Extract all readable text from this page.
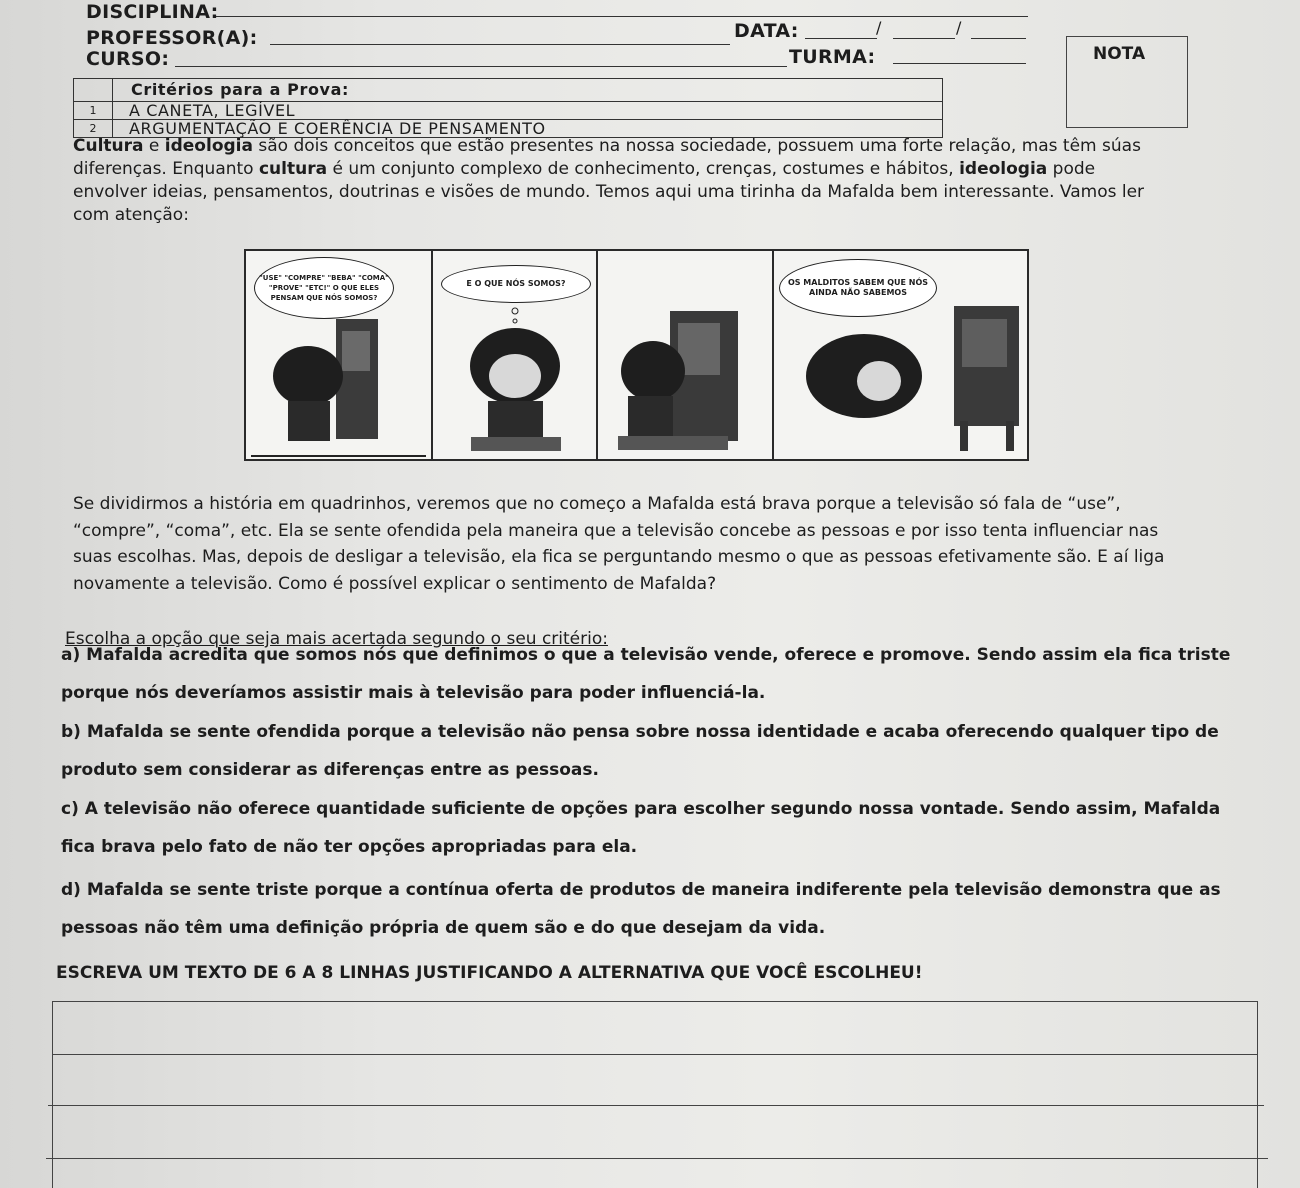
DISCIPLINA:
PROFESSOR(A):	DATA:	/	/
CURSO:	TURMA:	NOTA
Critérios para a Prova:
1	A CANETA, LEGÍVEL
2	ARGUMENTAÇÃO E COERÊNCIA DE PENSAMENTO
Cultura e ideologia são dois conceitos que estão presentes na nossa sociedade, possuem uma forte relação, mas têm súas
diferenças. Enquanto cultura é um conjunto complexo de conhecimento, crenças, costumes e hábitos, ideologia pode
envolver ideias, pensamentos, doutrinas e visões de mundo. Temos aqui uma tirinha da Mafalda bem interessante. Vamos ler
com atenção:
"USE" "COMPRE" "BEBA" "COMA" "PROVE" "ETC!" O QUE ELES PENSAM QUE NÓS SOMOS?
E O QUE NÓS SOMOS?	OS MALDITOS SABEM QUE NÓS AINDA NÃO SABEMOS
Se dividirmos a história em quadrinhos, veremos que no começo a Mafalda está brava porque a televisão só fala de “use”,
“compre”, “coma”, etc. Ela se sente ofendida pela maneira que a televisão concebe as pessoas e por isso tenta influenciar nas
suas escolhas. Mas, depois de desligar a televisão, ela fica se perguntando mesmo o que as pessoas efetivamente são. E aí liga
novamente a televisão. Como é possível explicar o sentimento de Mafalda?
Escolha a opção que seja mais acertada segundo o seu critério:
a) Mafalda acredita que somos nós que definimos o que a televisão vende, oferece e promove. Sendo assim ela fica triste
porque nós deveríamos assistir mais à televisão para poder influenciá-la.
b) Mafalda se sente ofendida porque a televisão não pensa sobre nossa identidade e acaba oferecendo qualquer tipo de
produto sem considerar as diferenças entre as pessoas.
c) A televisão não oferece quantidade suficiente de opções para escolher segundo nossa vontade. Sendo assim, Mafalda
fica brava pelo fato de não ter opções apropriadas para ela.
d) Mafalda se sente triste porque a contínua oferta de produtos de maneira indiferente pela televisão demonstra que as
pessoas não têm uma definição própria de quem são e do que desejam da vida.
ESCREVA UM TEXTO DE 6 A 8 LINHAS JUSTIFICANDO A ALTERNATIVA QUE VOCÊ ESCOLHEU!
